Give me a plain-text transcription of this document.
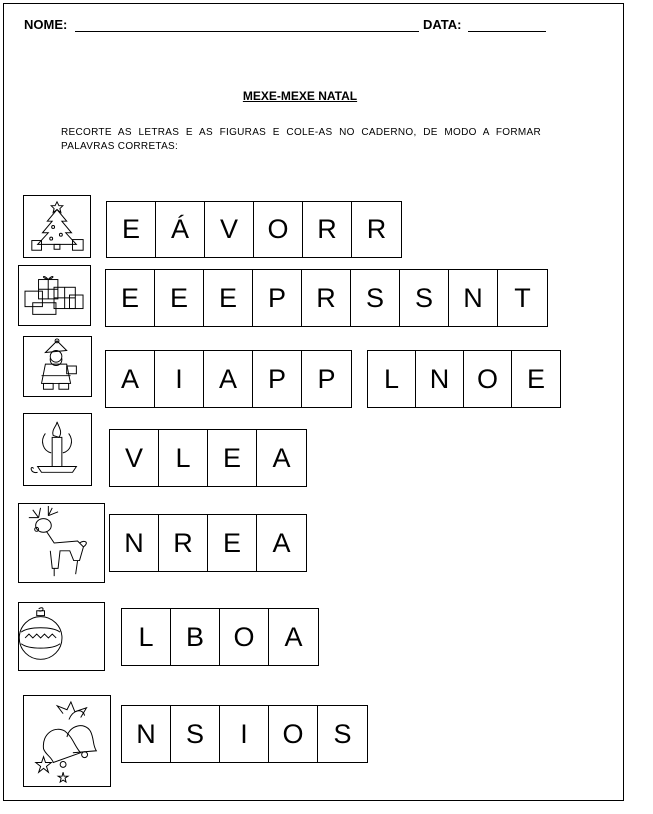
NOME:	DATA:
MEXE-MEXE NATAL
RECORTE AS LETRAS E AS FIGURAS E COLE-AS NO CADERNO, DE MODO A FORMAR PALAVRAS CORRETAS:
E	Á	V	O	R	R
E	E	E	P	R	S	S	N	T
A	I	A	P	P	L	N	O	E
V	L	E	A
N	R	E	A
L	B	O	A
N	S	I	O	S
